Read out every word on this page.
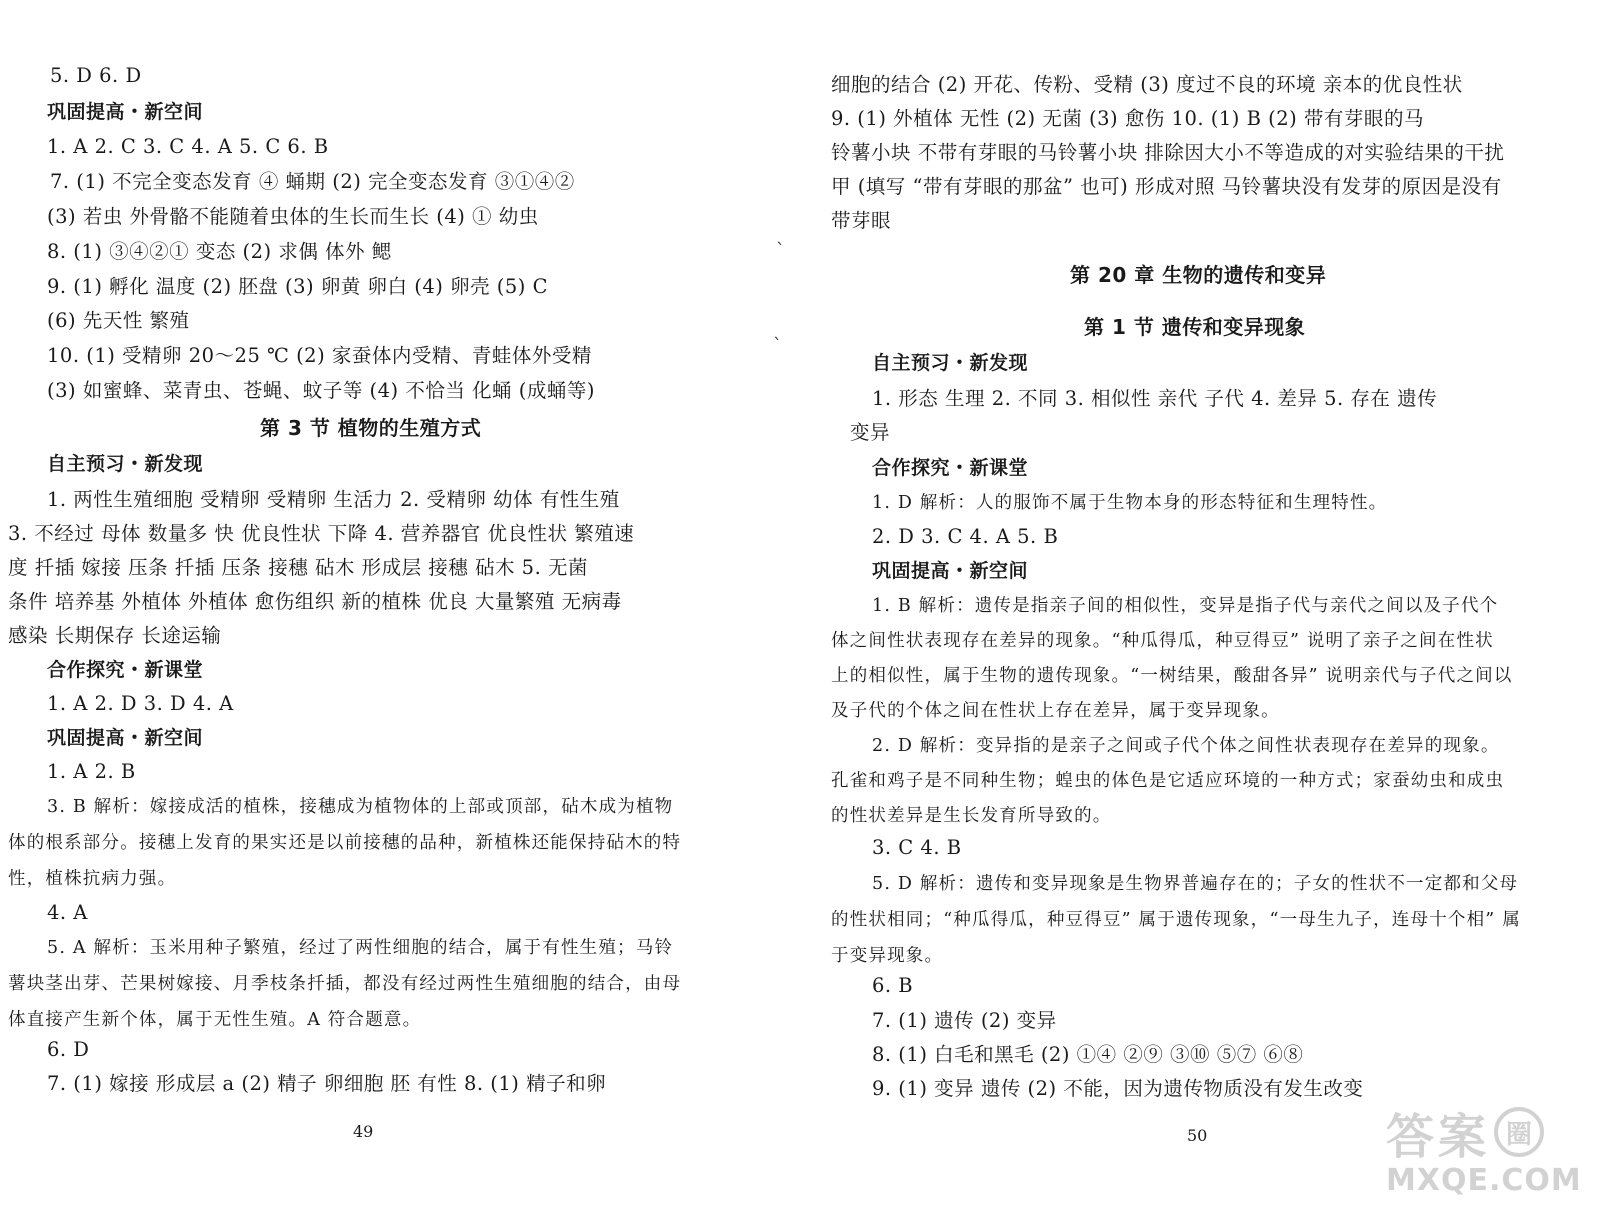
5. D 6. D
巩固提高・新空间
1. A 2. C 3. C 4. A 5. C 6. B
7. (1) 不完全变态发育 ④ 蛹期 (2) 完全变态发育 ③①④②
(3) 若虫 外骨骼不能随着虫体的生长而生长 (4) ① 幼虫
8. (1) ③④②① 变态 (2) 求偶 体外 鳃
9. (1) 孵化 温度 (2) 胚盘 (3) 卵黄 卵白 (4) 卵壳 (5) C
(6) 先天性 繁殖
10. (1) 受精卵 20～25 ℃ (2) 家蚕体内受精、青蛙体外受精
(3) 如蜜蜂、菜青虫、苍蝇、蚊子等 (4) 不恰当 化蛹 (成蛹等)
第 3 节 植物的生殖方式
自主预习・新发现
1. 两性生殖细胞 受精卵 受精卵 生活力 2. 受精卵 幼体 有性生殖
3. 不经过 母体 数量多 快 优良性状 下降 4. 营养器官 优良性状 繁殖速
度 扦插 嫁接 压条 扦插 压条 接穗 砧木 形成层 接穗 砧木 5. 无菌
条件 培养基 外植体 外植体 愈伤组织 新的植株 优良 大量繁殖 无病毒
感染 长期保存 长途运输
合作探究・新课堂
1. A 2. D 3. D 4. A
巩固提高・新空间
1. A 2. B
3. B 解析：嫁接成活的植株，接穗成为植物体的上部或顶部，砧木成为植物
体的根系部分。接穗上发育的果实还是以前接穗的品种，新植株还能保持砧木的特
性，植株抗病力强。
4. A
5. A 解析：玉米用种子繁殖，经过了两性细胞的结合，属于有性生殖；马铃
薯块茎出芽、芒果树嫁接、月季枝条扦插，都没有经过两性生殖细胞的结合，由母
体直接产生新个体，属于无性生殖。A 符合题意。
6. D
7. (1) 嫁接 形成层 a (2) 精子 卵细胞 胚 有性 8. (1) 精子和卵
49
ˋ
ˋ
细胞的结合 (2) 开花、传粉、受精 (3) 度过不良的环境 亲本的优良性状
9. (1) 外植体 无性 (2) 无菌 (3) 愈伤 10. (1) B (2) 带有芽眼的马
铃薯小块 不带有芽眼的马铃薯小块 排除因大小不等造成的对实验结果的干扰
甲 (填写 “带有芽眼的那盆” 也可) 形成对照 马铃薯块没有发芽的原因是没有
带芽眼
第 20 章 生物的遗传和变异
第 1 节 遗传和变异现象
自主预习・新发现
1. 形态 生理 2. 不同 3. 相似性 亲代 子代 4. 差异 5. 存在 遗传
变异
合作探究・新课堂
1. D 解析：人的服饰不属于生物本身的形态特征和生理特性。
2. D 3. C 4. A 5. B
巩固提高・新空间
1. B 解析：遗传是指亲子间的相似性，变异是指子代与亲代之间以及子代个
体之间性状表现存在差异的现象。“种瓜得瓜，种豆得豆” 说明了亲子之间在性状
上的相似性，属于生物的遗传现象。“一树结果，酸甜各异” 说明亲代与子代之间以
及子代的个体之间在性状上存在差异，属于变异现象。
2. D 解析：变异指的是亲子之间或子代个体之间性状表现存在差异的现象。
孔雀和鸡子是不同种生物；蝗虫的体色是它适应环境的一种方式；家蚕幼虫和成虫
的性状差异是生长发育所导致的。
3. C 4. B
5. D 解析：遗传和变异现象是生物界普遍存在的；子女的性状不一定都和父母
的性状相同；“种瓜得瓜，种豆得豆” 属于遗传现象，“一母生九子，连母十个相” 属
于变异现象。
6. B
7. (1) 遗传 (2) 变异
8. (1) 白毛和黑毛 (2) ①④ ②⑨ ③⑩ ⑤⑦ ⑥⑧
9. (1) 变异 遗传 (2) 不能，因为遗传物质没有发生改变
50	答案 圈
MXQE.COM
